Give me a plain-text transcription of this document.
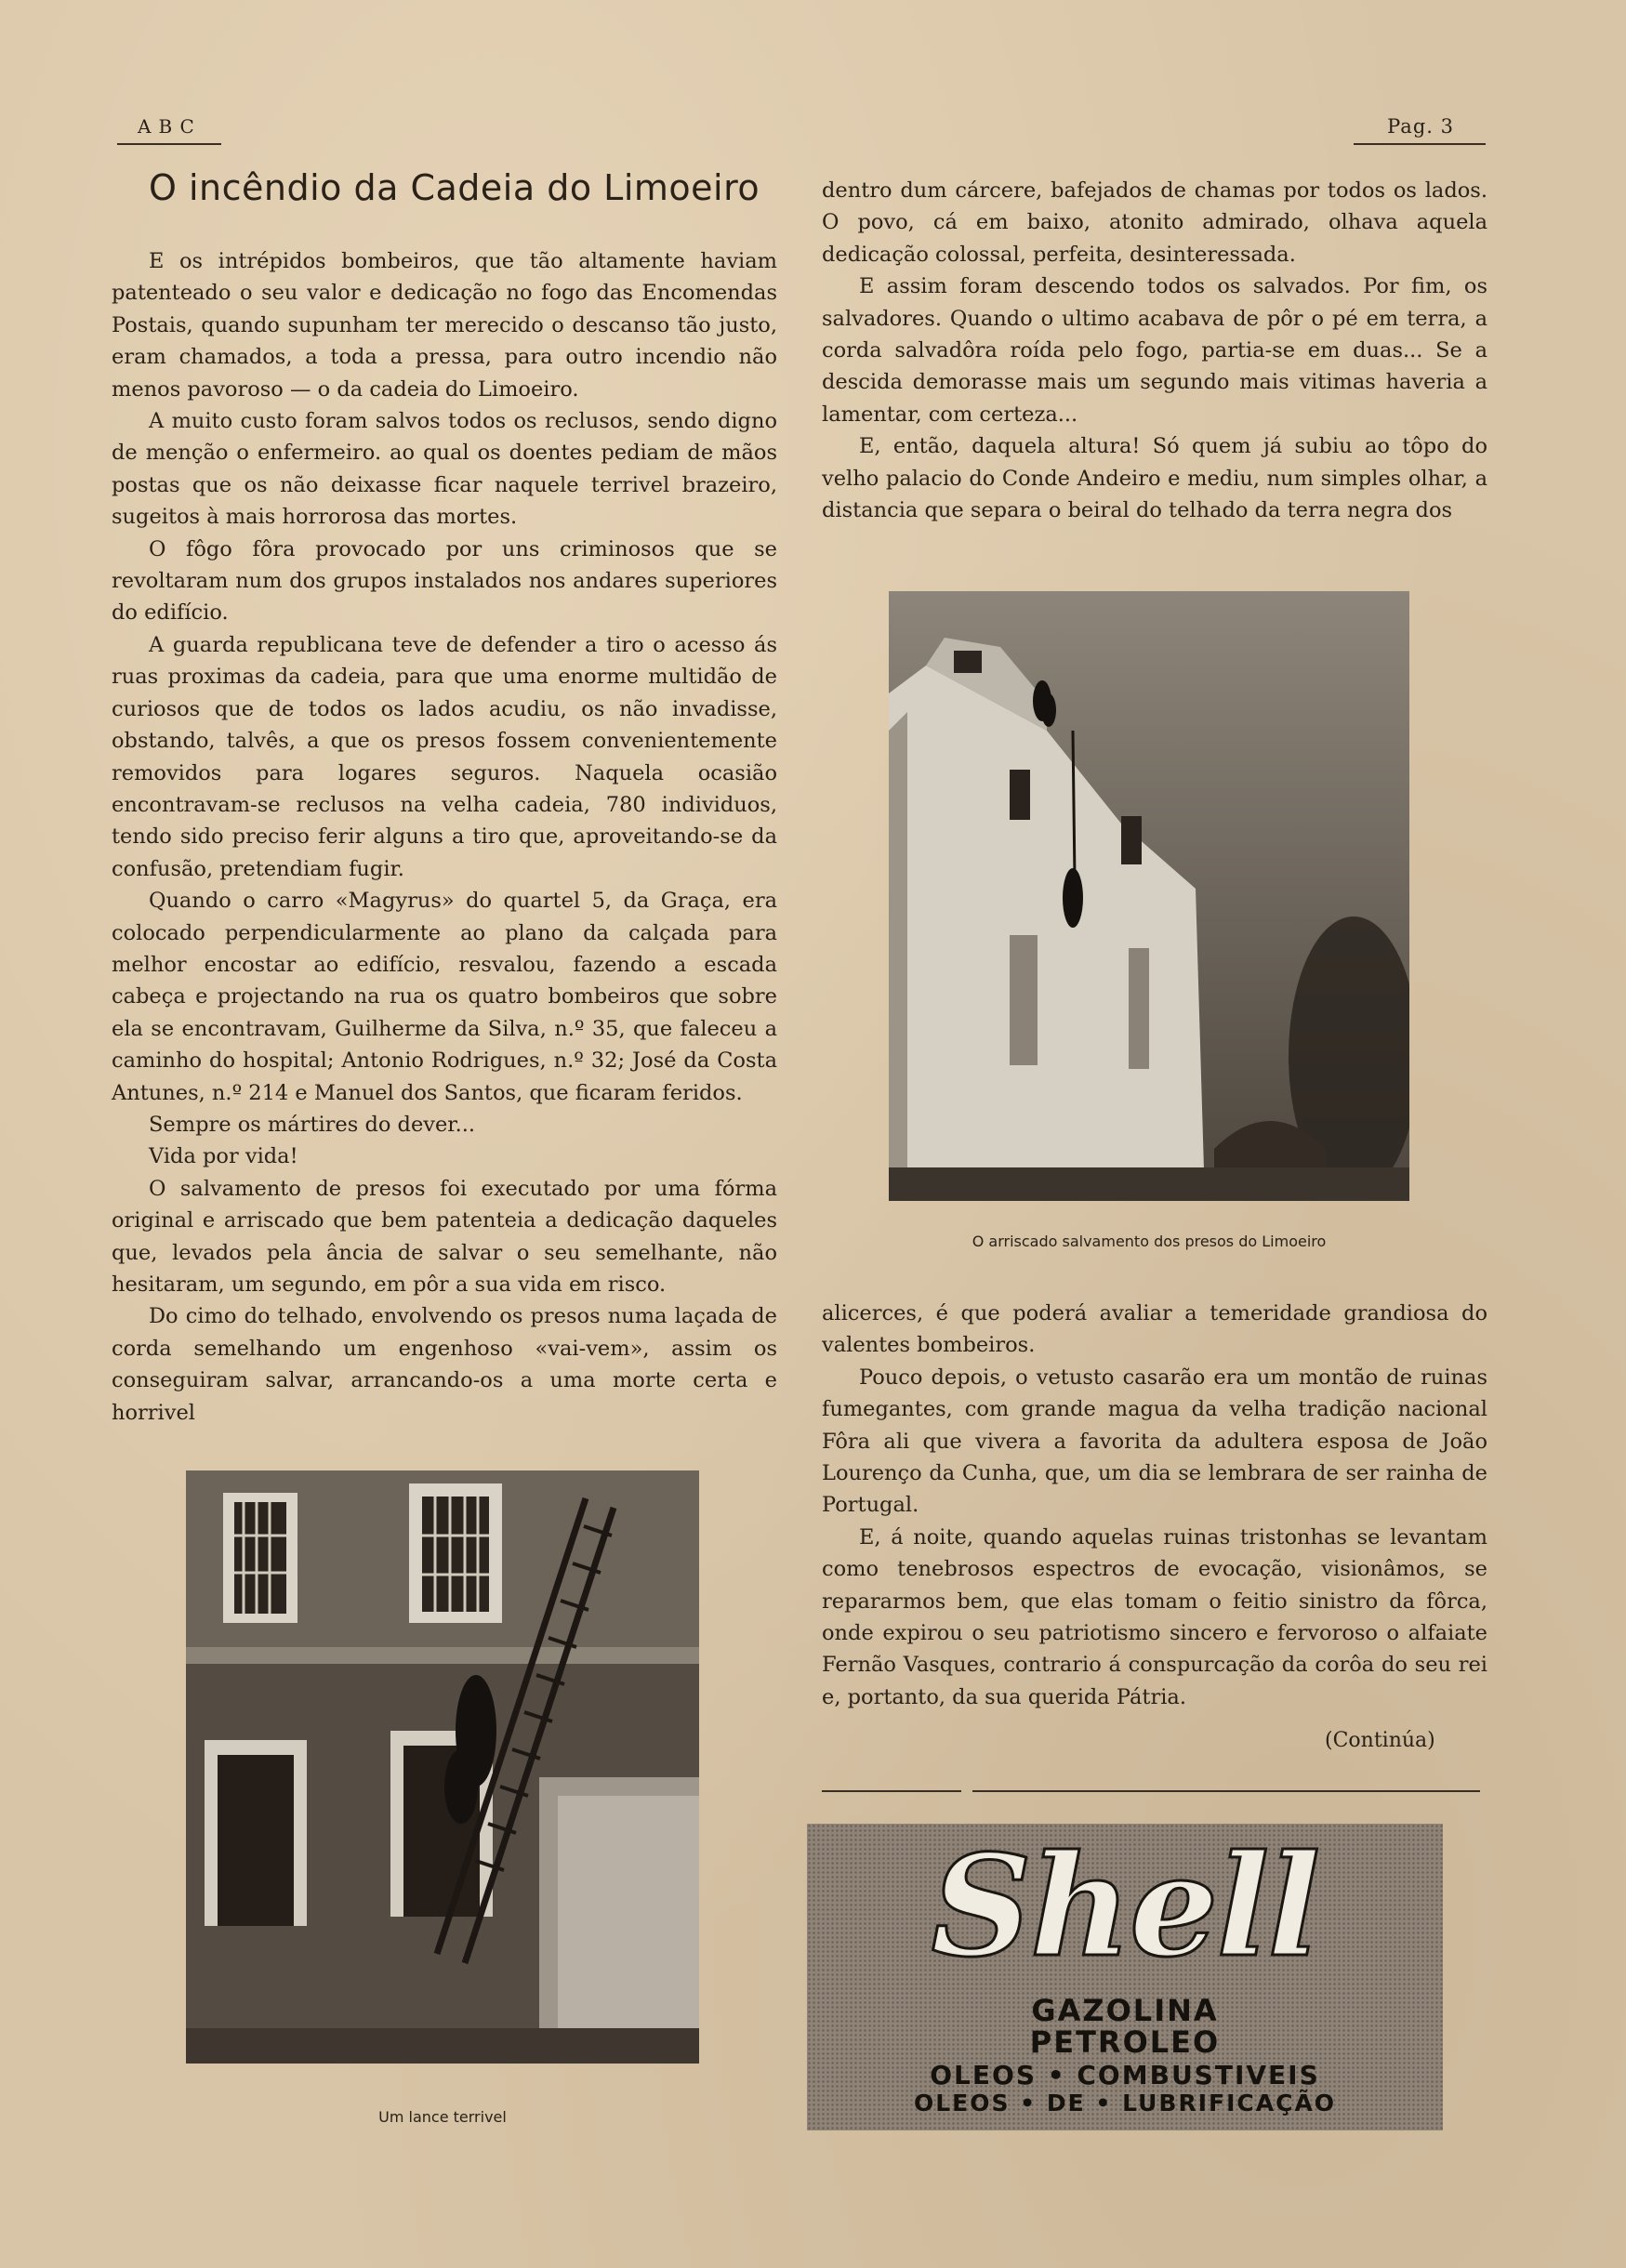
ABC	Pag. 3
O incêndio da Cadeia do Limoeiro

E os intrépidos bombeiros, que tão altamente haviam patenteado o seu valor e dedicação no fogo das Encomendas Postais, quando supunham ter merecido o descanso tão justo, eram chamados, a toda a pressa, para outro incendio não menos pavoroso — o da cadeia do Limoeiro.

A muito custo foram salvos todos os reclusos, sendo digno de menção o enfermeiro. ao qual os doentes pediam de mãos postas que os não deixasse ficar naquele terrivel brazeiro, sugeitos à mais horrorosa das mortes.

O fôgo fôra provocado por uns criminosos que se revoltaram num dos grupos instalados nos andares superiores do edifício.

A guarda republicana teve de defender a tiro o acesso ás ruas proximas da cadeia, para que uma enorme multidão de curiosos que de todos os lados acudiu, os não invadisse, obstando, talvês, a que os presos fossem convenientemente removidos para logares seguros. Naquela ocasião encontravam-se reclusos na velha cadeia, 780 individuos, tendo sido preciso ferir alguns a tiro que, aproveitando-se da confusão, pretendiam fugir.

Quando o carro «Magyrus» do quartel 5, da Graça, era colocado perpendicularmente ao plano da calçada para melhor encostar ao edifício, resvalou, fazendo a escada cabeça e projectando na rua os quatro bombeiros que sobre ela se encontravam, Guilherme da Silva, n.º 35, que faleceu a caminho do hospital; Antonio Rodrigues, n.º 32; José da Costa Antunes, n.º 214 e Manuel dos Santos, que ficaram feridos.

Sempre os mártires do dever...

Vida por vida!

O salvamento de presos foi executado por uma fórma original e arriscado que bem patenteia a dedicação daqueles que, levados pela ância de salvar o seu semelhante, não hesitaram, um segundo, em pôr a sua vida em risco.

Do cimo do telhado, envolvendo os presos numa laçada de corda semelhando um engenhoso «vai-vem», assim os conseguiram salvar, arrancando-os a uma morte certa e horrivel

Um lance terrivel

dentro dum cárcere, bafejados de chamas por todos os lados. O povo, cá em baixo, atonito admirado, olhava aquela dedicação colossal, perfeita, desinteressada.

E assim foram descendo todos os salvados. Por fim, os salvadores. Quando o ultimo acabava de pôr o pé em terra, a corda salvadôra roída pelo fogo, partia-se em duas... Se a descida demorasse mais um segundo mais vitimas haveria a lamentar, com certeza...

E, então, daquela altura! Só quem já subiu ao tôpo do velho palacio do Conde Andeiro e mediu, num simples olhar, a distancia que separa o beiral do telhado da terra negra dos

O arriscado salvamento dos presos do Limoeiro

alicerces, é que poderá avaliar a temeridade grandiosa do valentes bombeiros.

Pouco depois, o vetusto casarão era um montão de ruinas fumegantes, com grande magua da velha tradição nacional Fôra ali que vivera a favorita da adultera esposa de João Lourenço da Cunha, que, um dia se lembrara de ser rainha de Portugal.

E, á noite, quando aquelas ruinas tristonhas se levantam como tenebrosos espectros de evocação, visionâmos, se repararmos bem, que elas tomam o feitio sinistro da fôrca, onde expirou o seu patriotismo sincero e fervoroso o alfaiate Fernão Vasques, contrario á conspurcação da corôa do seu rei e, portanto, da sua querida Pátria.

(Continúa)
Shell
GAZOLINA
PETROLEO
OLEOS • COMBUSTIVEIS
OLEOS • DE • LUBRIFICAÇÃO
